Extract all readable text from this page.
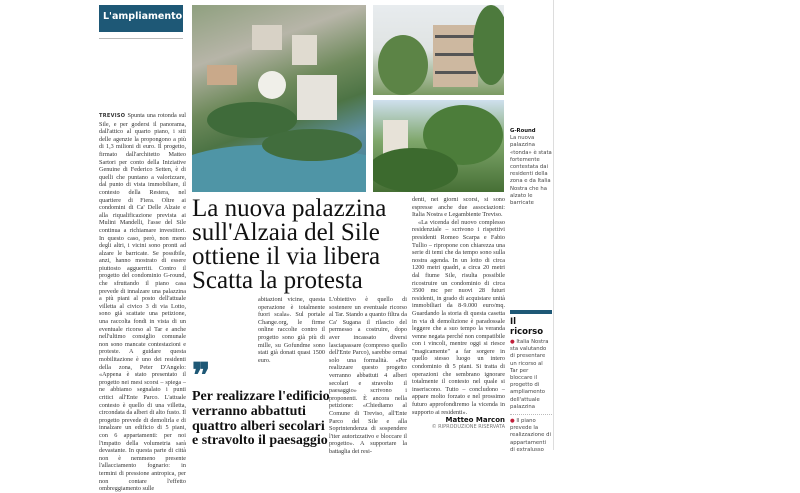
L'ampliamento
TREVISO Spunta una rotonda sul Sile, e per godersi il panorama, dall'attico al quarto piano, i siti delle agenzie la propongono a più di 1,3 milioni di euro. Il progetto, firmato dall'architetto Matteo Sartori per conto della Iniziative Genuine di Federico Setten, è di quelli che puntano a valorizzare, dal punto di vista immobiliare, il contesto della Restera, nel quartiere di Fiera. Oltre ai condomini di Ca' Delle Alzaie e alla riqualificazione prevista ai Mulini Mandelli, l'asse del Sile continua a richiamare investitori. In questo caso, però, non meno degli altri, i vicini sono pronti ad alzare le barricate. Se possibile, anzi, hanno mostrato di essere piuttosto agguerriti. Contro il progetto del condominio G-round, che sfruttando il piano casa prevede di innalzare una palazzina a più piani al posto dell'attuale villetta al civico 3 di via Lotto, sono già scattate una petizione, una raccolta fondi in vista di un eventuale ricorso al Tar e anche nell'ultimo consiglio comunale non sono mancate contestazioni e proteste. A guidare questa mobilitazione è uno dei residenti della zona, Peter D'Angelo: «Appena è stato presentato il progetto nei mesi scorsi – spiega – ne abbiamo segnalato i punti critici all'Ente Parco. L'attuale contesto è quello di una villetta, circondata da alberi di alto fusto. Il progetto prevede di demolirla e di innalzare un edificio di 5 piani, con 6 appartamenti: per noi l'impatto della volumetria sarà devastante. In questa parte di città non è nemmeno presente l'allacciamento fognario: in termini di pressione antropica, per non contare l'effetto ombreggiamento sulle
G-Round
La nuova palazzina «tonda» è stata fortemente contestata dai residenti della zona e da Italia Nostra che ha alzato le barricate
La nuova palazzina
sull'Alzaia del Sile
ottiene il via libera
Scatta la protesta
abitazioni vicine, questa operazione è totalmente fuori scala». Sul portale Change.org, le firme online raccolte contro il progetto sono già più di mille, su Gofundme sono stati già donati quasi 1500 euro.
❞
Per realizzare l'edificio verranno abbattuti quattro alberi secolari e stravolto il paesaggio
L'obiettivo è quello di sostenere un eventuale ricorso al Tar. Stando a quanto filtra da Ca' Sugana il rilascio del permesso a costruire, dopo aver incassato diversi lasciapassare (compreso quello dell'Ente Parco), sarebbe ormai solo una formalità. «Per realizzare questo progetto verranno abbattuti 4 alberi secolari e stravolto il paesaggio» scrivono i proponenti. È ancora nella petizione: «Chiediamo al Comune di Treviso, all'Ente Parco del Sile e alla Soprintendenza di sospendere l'iter autorizzativo e bloccare il progetto». A supportare la battaglia dei resi-
denti, nei giorni scorsi, si sono espresse anche due associazioni: Italia Nostra e Legambiente Treviso.
«La vicenda del nuovo complesso residenziale – scrivono i rispettivi presidenti Romeo Scarpa e Fabio Tullio – ripropone con chiarezza una serie di temi che da tempo sono sulla nostra agenda. In un lotto di circa 1200 metri quadri, a circa 20 metri dal fiume Sile, risulta possibile ricostruire un condominio di circa 3500 mc per nuovi 28 futuri residenti, in grado di acquistare unità immobiliari da 8-9.000 euro/mq. Guardando la storia di questa casetta in via di demolizione è paradossale leggere che a suo tempo la veranda venne negata perché non compatibile con i vincoli, mentre oggi si riesce "magicamente" a far sorgere in quello stesso luogo un intero condominio di 5 piani. Si tratta di operazioni che sembrano ignorare totalmente il contesto nel quale si inseriscono. Tutto – concludono – appare molto forzato e nel prossimo futuro approfondiremo la vicenda in supporto ai residenti».
Matteo Marcon
© RIPRODUZIONE RISERVATA
Il ricorso
● Italia Nostra sta valutando di presentare un ricorso al Tar per bloccare il progetto di ampliamento dell'attuale palazzina
● Il piano prevede la realizzazione di appartamenti di extralusso
